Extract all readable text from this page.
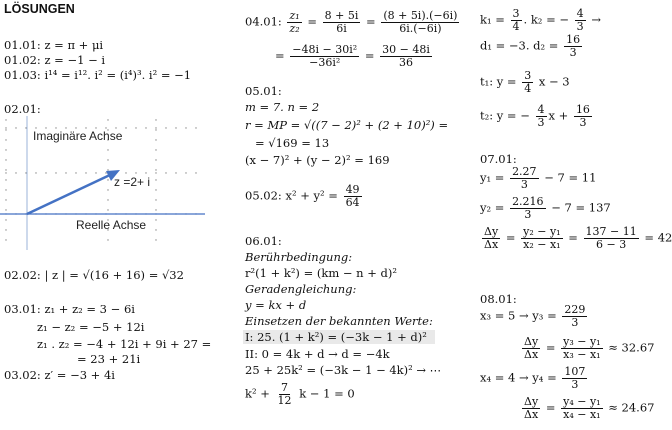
LÖSUNGEN
01.01: z = π + μi
01.02: z = −1 − i
01.03: i¹⁴ = i¹². i² = (i⁴)³. i² = −1
02.01:
Imaginäre Achse
Reelle Achse
z =2+ i
02.02: | z | = √(16 + 16) = √32
03.01: z₁ + z₂ = 3 − 6i
z₁ − z₂ = −5 + 12i
z₁ . z₂ = −4 + 12i + 9i + 27 =
= 23 + 21i
03.02: z′ = −3 + 4i
04.01: $\frac{\text{z₁}}{\text{z₂}} = \frac{8 + 5i}{6i} = \frac{(8 + 5i).(-6i)}{6i.(-6i)}$
= $\frac{\text{−48i − 30i²}}{\text{−36i²}} = \frac{30 - 48i}{36}$
05.01:
m = 7. n = 2
r = MP = √((7 − 2)² + (2 + 10)²) =
= √169 = 13
(x − 7)² + (y − 2)² = 169
05.02: $x^2 + y^2 = \frac{49}{64}$
06.01:
Berührbedingung:
r²(1 + k²) = (km − n + d)²
Geradengleichung:
y = kx + d
Einsetzen der bekannten Werte:
I: 25. (1 + k²) = (−3k − 1 + d)²
II: 0 = 4k + d → d = −4k
25 + 25k² = (−3k − 1 − 4k)² → ⋯
$k^2 + \frac{7}{12}$ k − 1 = 0
$k_1 = \frac{3}{4}$ . k₂ = − $\frac{4}{3}$ →
d₁ = −3. $d_2 = \frac{16}{3}$
t₁: $y = \frac{3}{4}$ x − 3
t₂: y = − $\frac{4}{3}$ $x + \frac{16}{3}$
07.01:
$y_1 = \frac{2.27}{3} - 7 = 11$
$y_2 = \frac{2.216}{3} - 7 = 137$
$\frac{\Delta y}{\Delta x} = \frac{\text{y₂ − y₁}}{\text{x₂ − x₁}} = \frac{137 - 11}{6 - 3} = 42$
08.01:
$x_3 = 5 \to y_3 = \frac{229}{3}$
$\frac{\Delta y}{\Delta x} = \frac{\text{y₃ − y₁}}{\text{x₃ − x₁}} \approx 32.67$
$x_4 = 4 \to y_4 = \frac{107}{3}$
$\frac{\Delta y}{\Delta x} = \frac{\text{y₄ − y₁}}{\text{x₄ − x₁}} \approx 24.67$
